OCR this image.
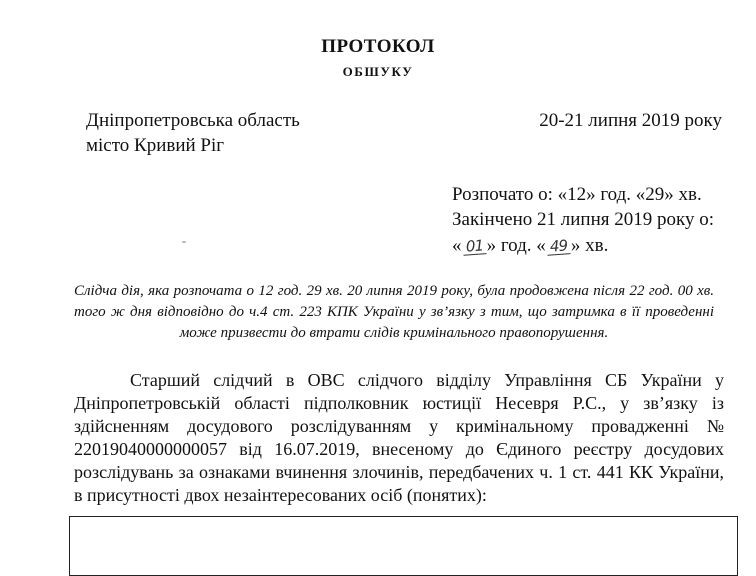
ПРОТОКОЛ
ОБШУКУ
Дніпропетровська область
місто Кривий Ріг
20-21 липня 2019 року
Розпочато о: «12» год. «29» хв.
Закінчено 21 липня 2019 року о:
« 01 » год. « 49 » хв.
Слідча дія, яка розпочата о 12 год. 29 хв. 20 липня 2019 року, була продовжена після 22 год. 00 хв. того ж дня відповідно до ч.4 ст. 223 КПК України у зв’язку з тим, що затримка в її проведенні може призвести до втрати слідів кримінального правопорушення.
Старший слідчий в ОВС слідчого відділу Управління СБ України у Дніпропетровській області підполковник юстиції Несевря Р.С., у зв’язку із здійсненням досудового розслідуванням у кримінальному провадженні № 22019040000000057 від 16.07.2019, внесеному до Єдиного реєстру досудових розслідувань за ознаками вчинення злочинів, передбачених ч. 1 ст. 441 КК України, в присутності двох незаінтересованих осіб (понятих):
